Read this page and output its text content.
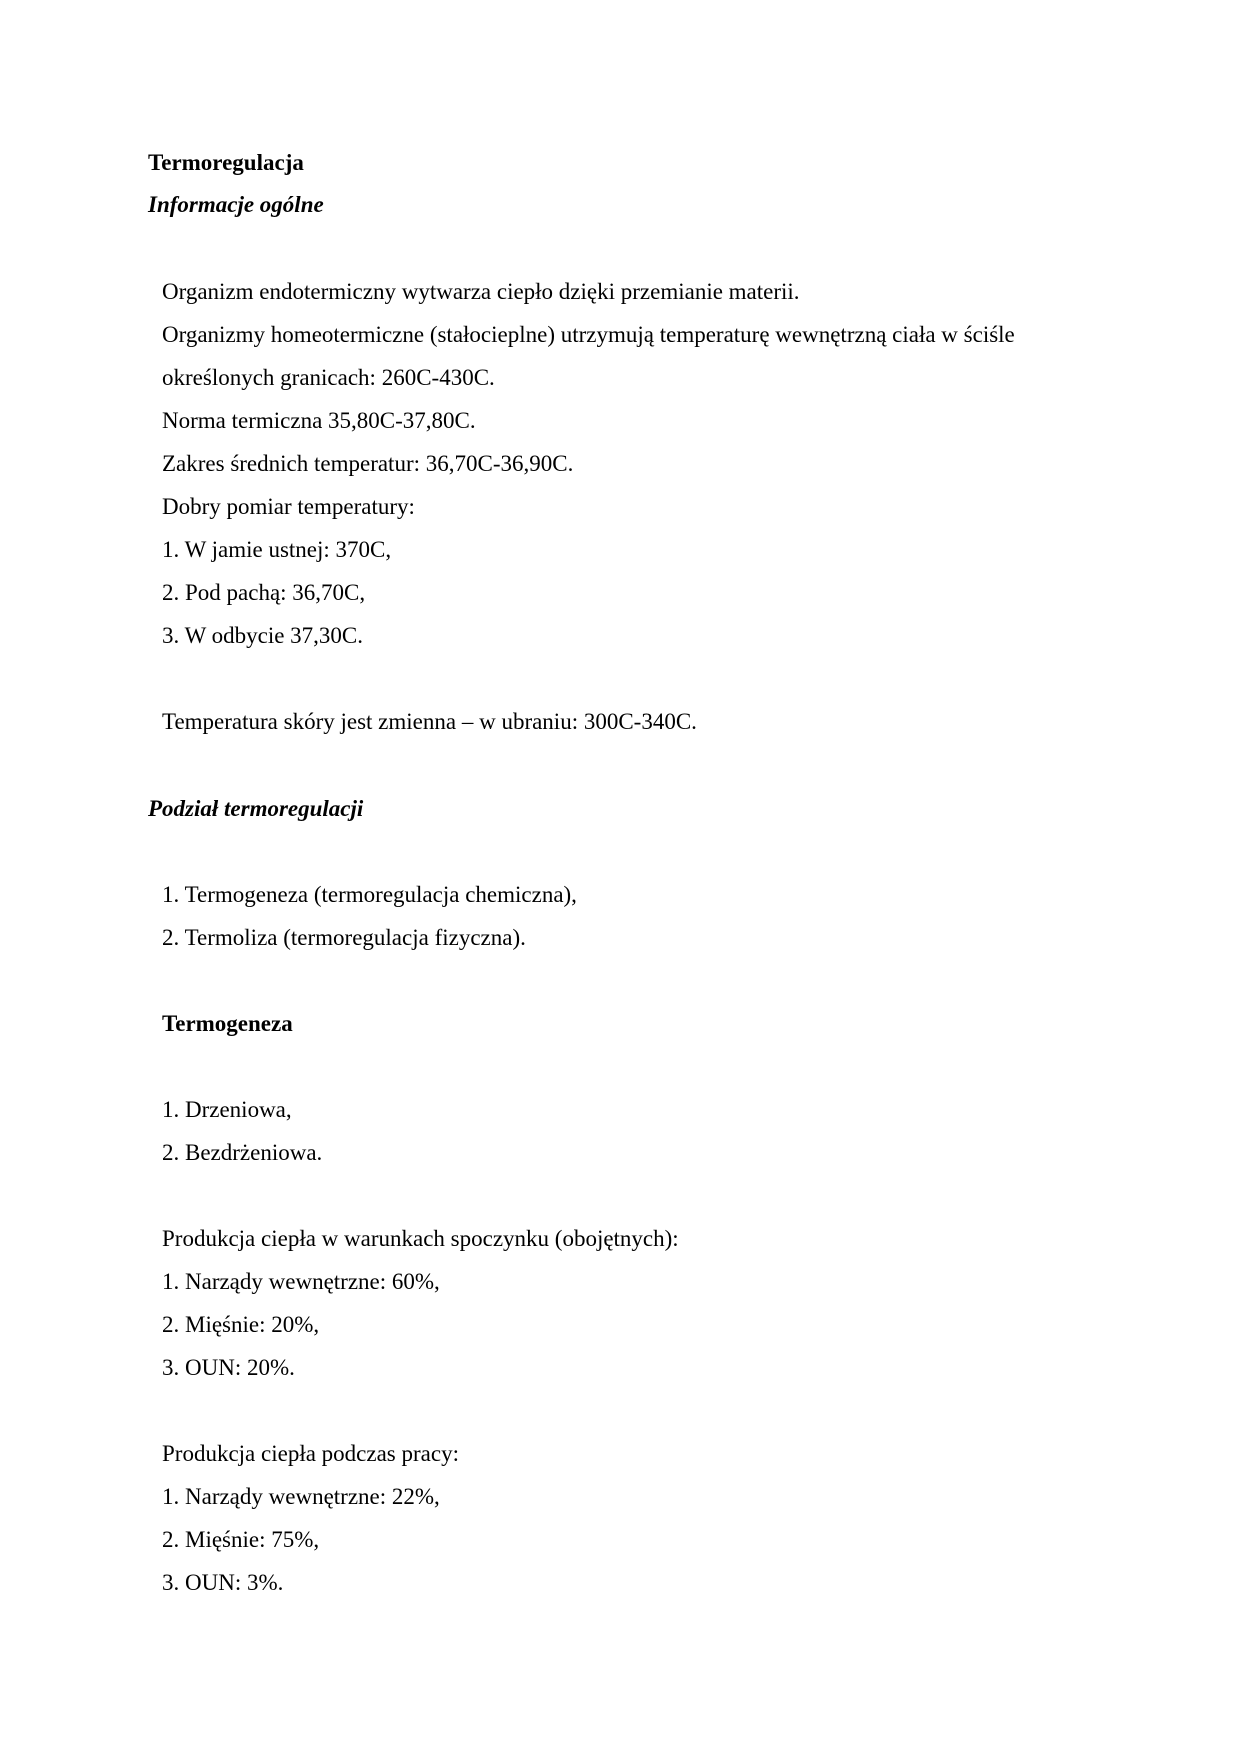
Termoregulacja
Informacje ogólne
Organizm endotermiczny wytwarza ciepło dzięki przemianie materii.
Organizmy homeotermiczne (stałocieplne) utrzymują temperaturę wewnętrzną ciała w ściśle
określonych granicach: 260C-430C.
Norma termiczna 35,80C-37,80C.
Zakres średnich temperatur: 36,70C-36,90C.
Dobry pomiar temperatury:
1. W jamie ustnej: 370C,
2. Pod pachą: 36,70C,
3. W odbycie 37,30C.
Temperatura skóry jest zmienna – w ubraniu: 300C-340C.
Podział termoregulacji
1. Termogeneza (termoregulacja chemiczna),
2. Termoliza (termoregulacja fizyczna).
Termogeneza
1. Drzeniowa,
2. Bezdrżeniowa.
Produkcja ciepła w warunkach spoczynku (obojętnych):
1. Narządy wewnętrzne: 60%,
2. Mięśnie: 20%,
3. OUN: 20%.
Produkcja ciepła podczas pracy:
1. Narządy wewnętrzne: 22%,
2. Mięśnie: 75%,
3. OUN: 3%.
